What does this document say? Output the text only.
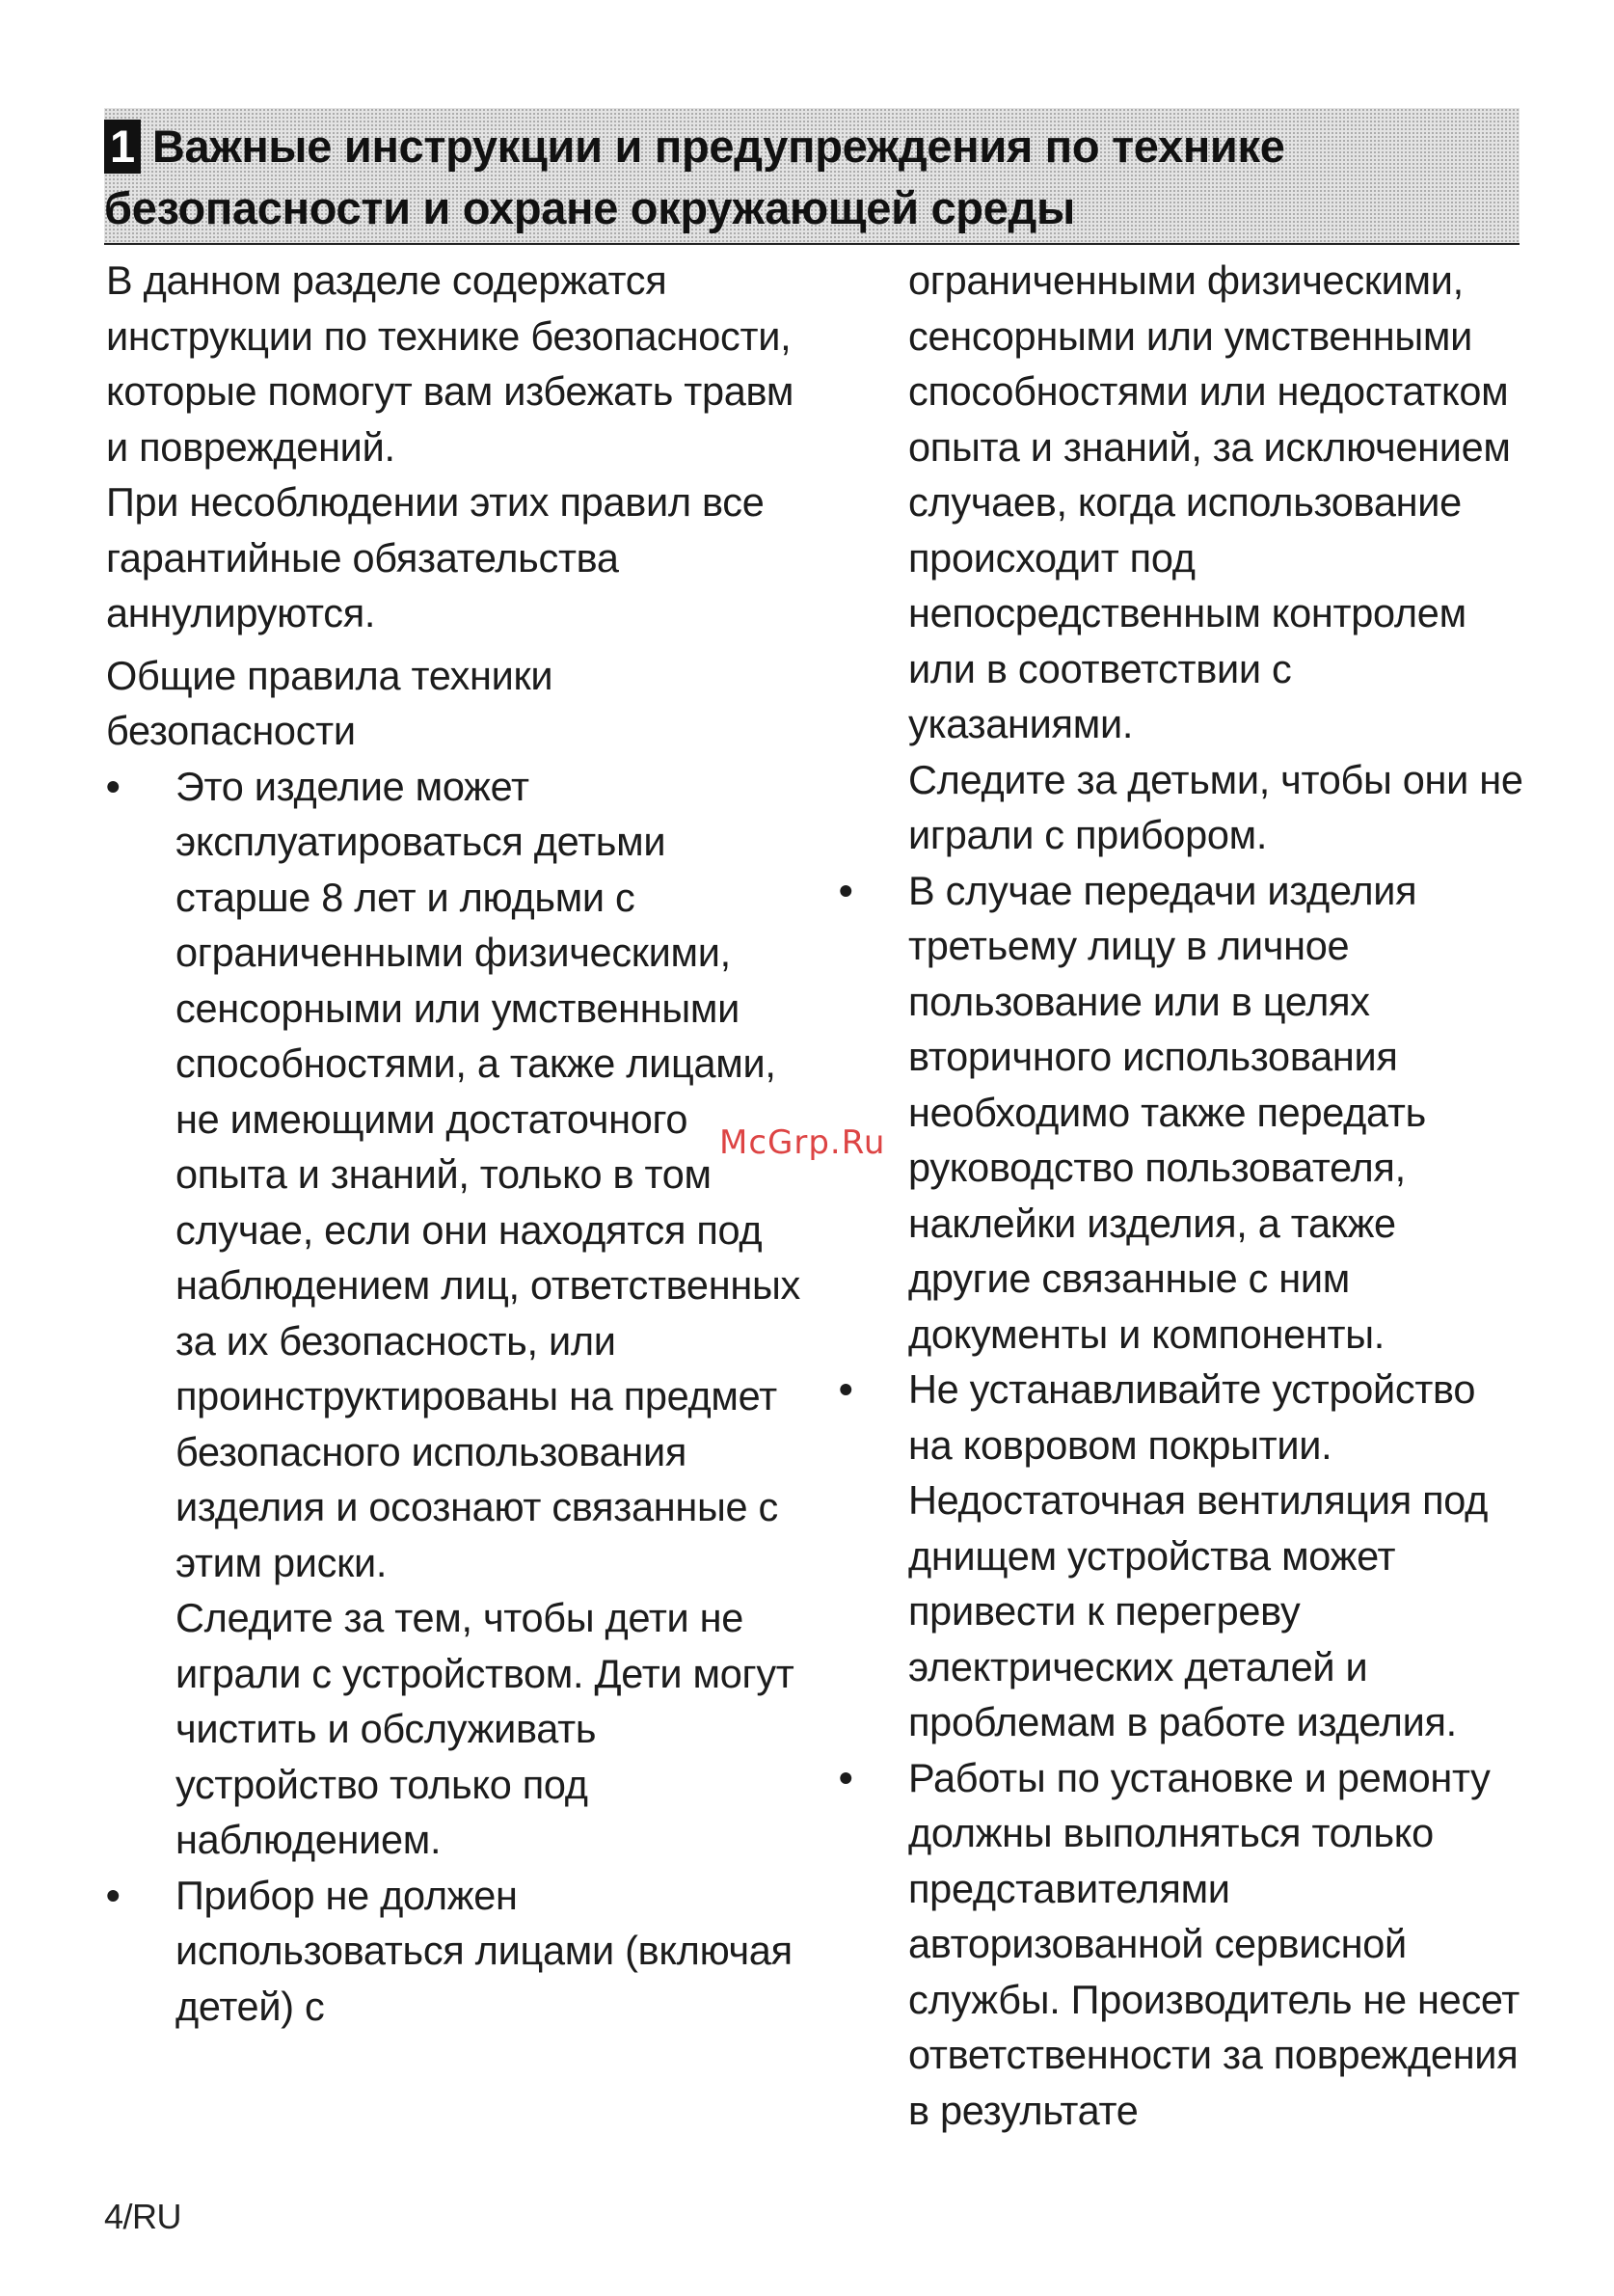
1 Важные инструкции и предупреждения по технике безопасности и охране окружающей среды

В данном разделе содержатся инструкции по технике безопасности, которые помогут вам избежать травм и повреждений.

При несоблюдении этих правил все гарантийные обязательства аннулируются.

Общие правила техники безопасности

•	Это изделие может эксплуатироваться детьми старше 8 лет и людьми с ограниченными физическими, сенсорными или умственными способностями, а также лицами, не имеющими достаточного опыта и знаний, только в том случае, если они находятся под наблюдением лиц, ответственных за их безопасность, или проинструктированы на предмет безопасного использования изделия и осознают связанные с этим риски.

Следите за тем, чтобы дети не играли с устройством. Дети могут чистить и обслуживать устройство только под наблюдением.

•	Прибор не должен использоваться лицами (включая детей) с

ограниченными физическими, сенсорными или умственными способностями или недостатком опыта и знаний, за исключением случаев, когда использование происходит под непосредственным контролем или в соответствии с указаниями.

Следите за детьми, чтобы они не играли с прибором.

•	В случае передачи изделия третьему лицу в личное пользование или в целях вторичного использования необходимо также передать руководство пользователя, наклейки изделия, а также другие связанные с ним документы и компоненты.

•	Не устанавливайте устройство на ковровом покрытии. Недостаточная вентиляция под днищем устройства может привести к перегреву электрических деталей и проблемам в работе изделия.

•	Работы по установке и ремонту должны выполняться только представителями авторизованной сервисной службы. Производитель не несет ответственности за повреждения в результате

McGrp.Ru
4/RU
